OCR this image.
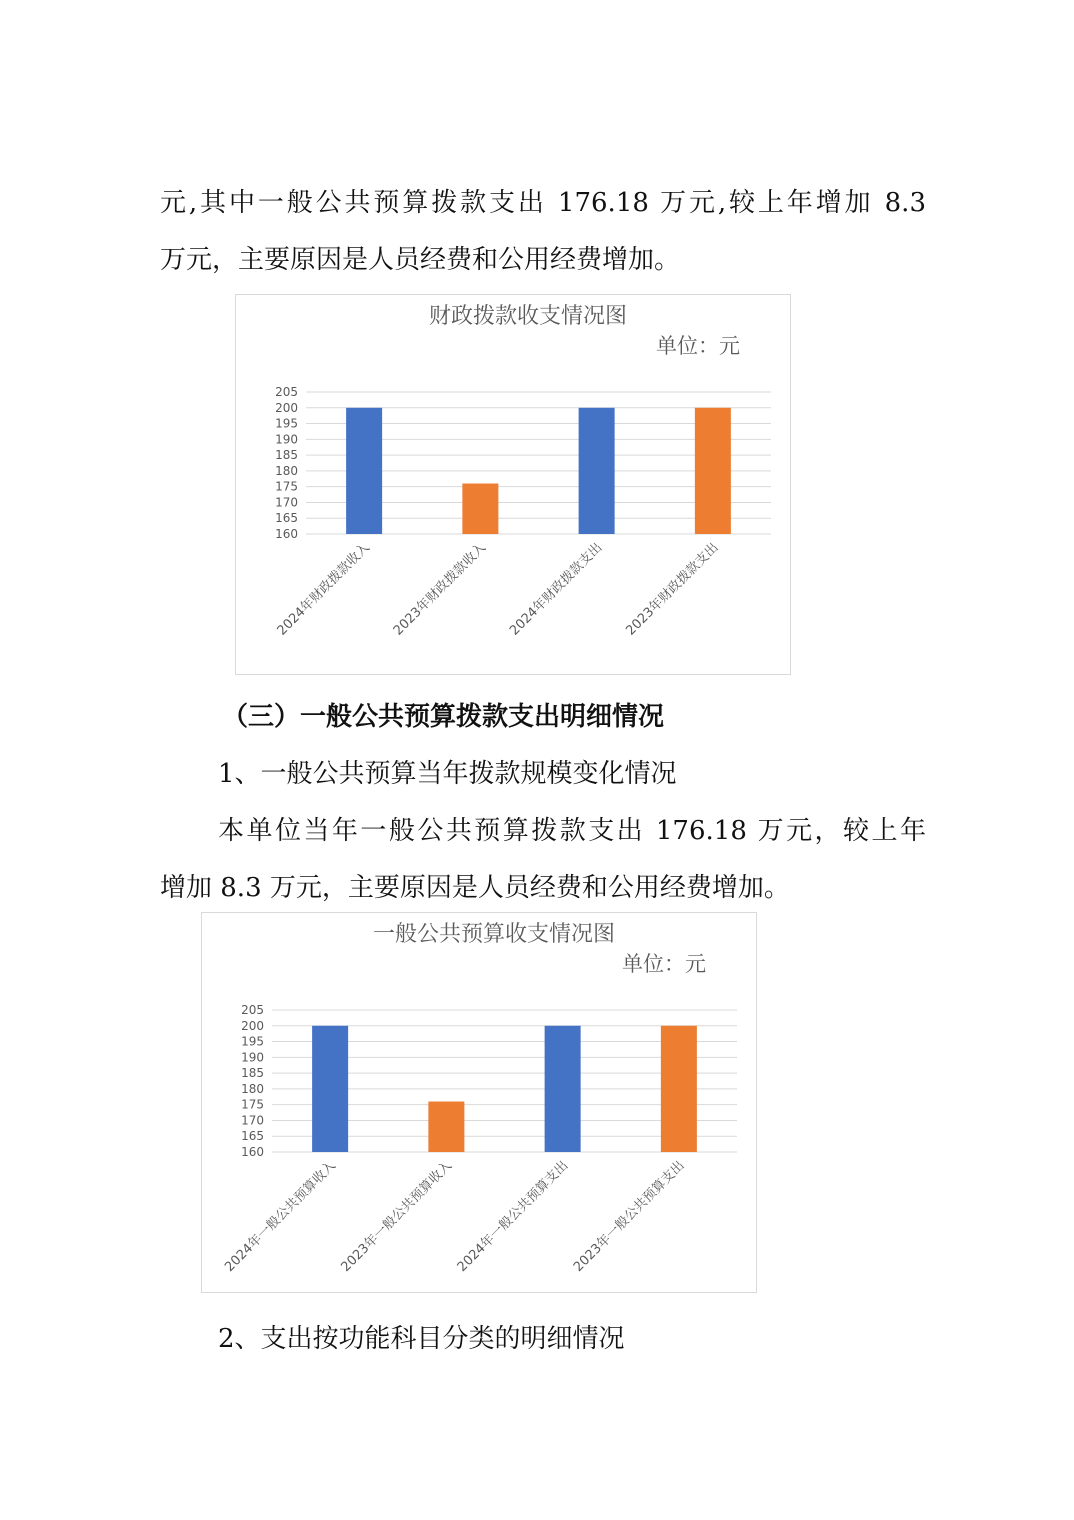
元,其中一般公共预算拨款支出 176.18 万元,较上年增加 8.3

万元，主要原因是人员经费和公用经费增加。

财政拨款收支情况图
单位：元
160
165
170
175
180
185
190
195
200
205
2024年财政拨款收入 2023年财政拨款收入 2024年财政拨款支出 2023年财政拨款支出

（三）一般公共预算拨款支出明细情况

1、一般公共预算当年拨款规模变化情况

本单位当年一般公共预算拨款支出 176.18 万元，较上年

增加 8.3 万元，主要原因是人员经费和公用经费增加。

一般公共预算收支情况图
单位：元
160
165
170
175
180
185
190
195
200
205
2024年一般公共预算收入 2023年一般公共预算收入 2024年一般公共预算支出 2023年一般公共预算支出

2、支出按功能科目分类的明细情况
